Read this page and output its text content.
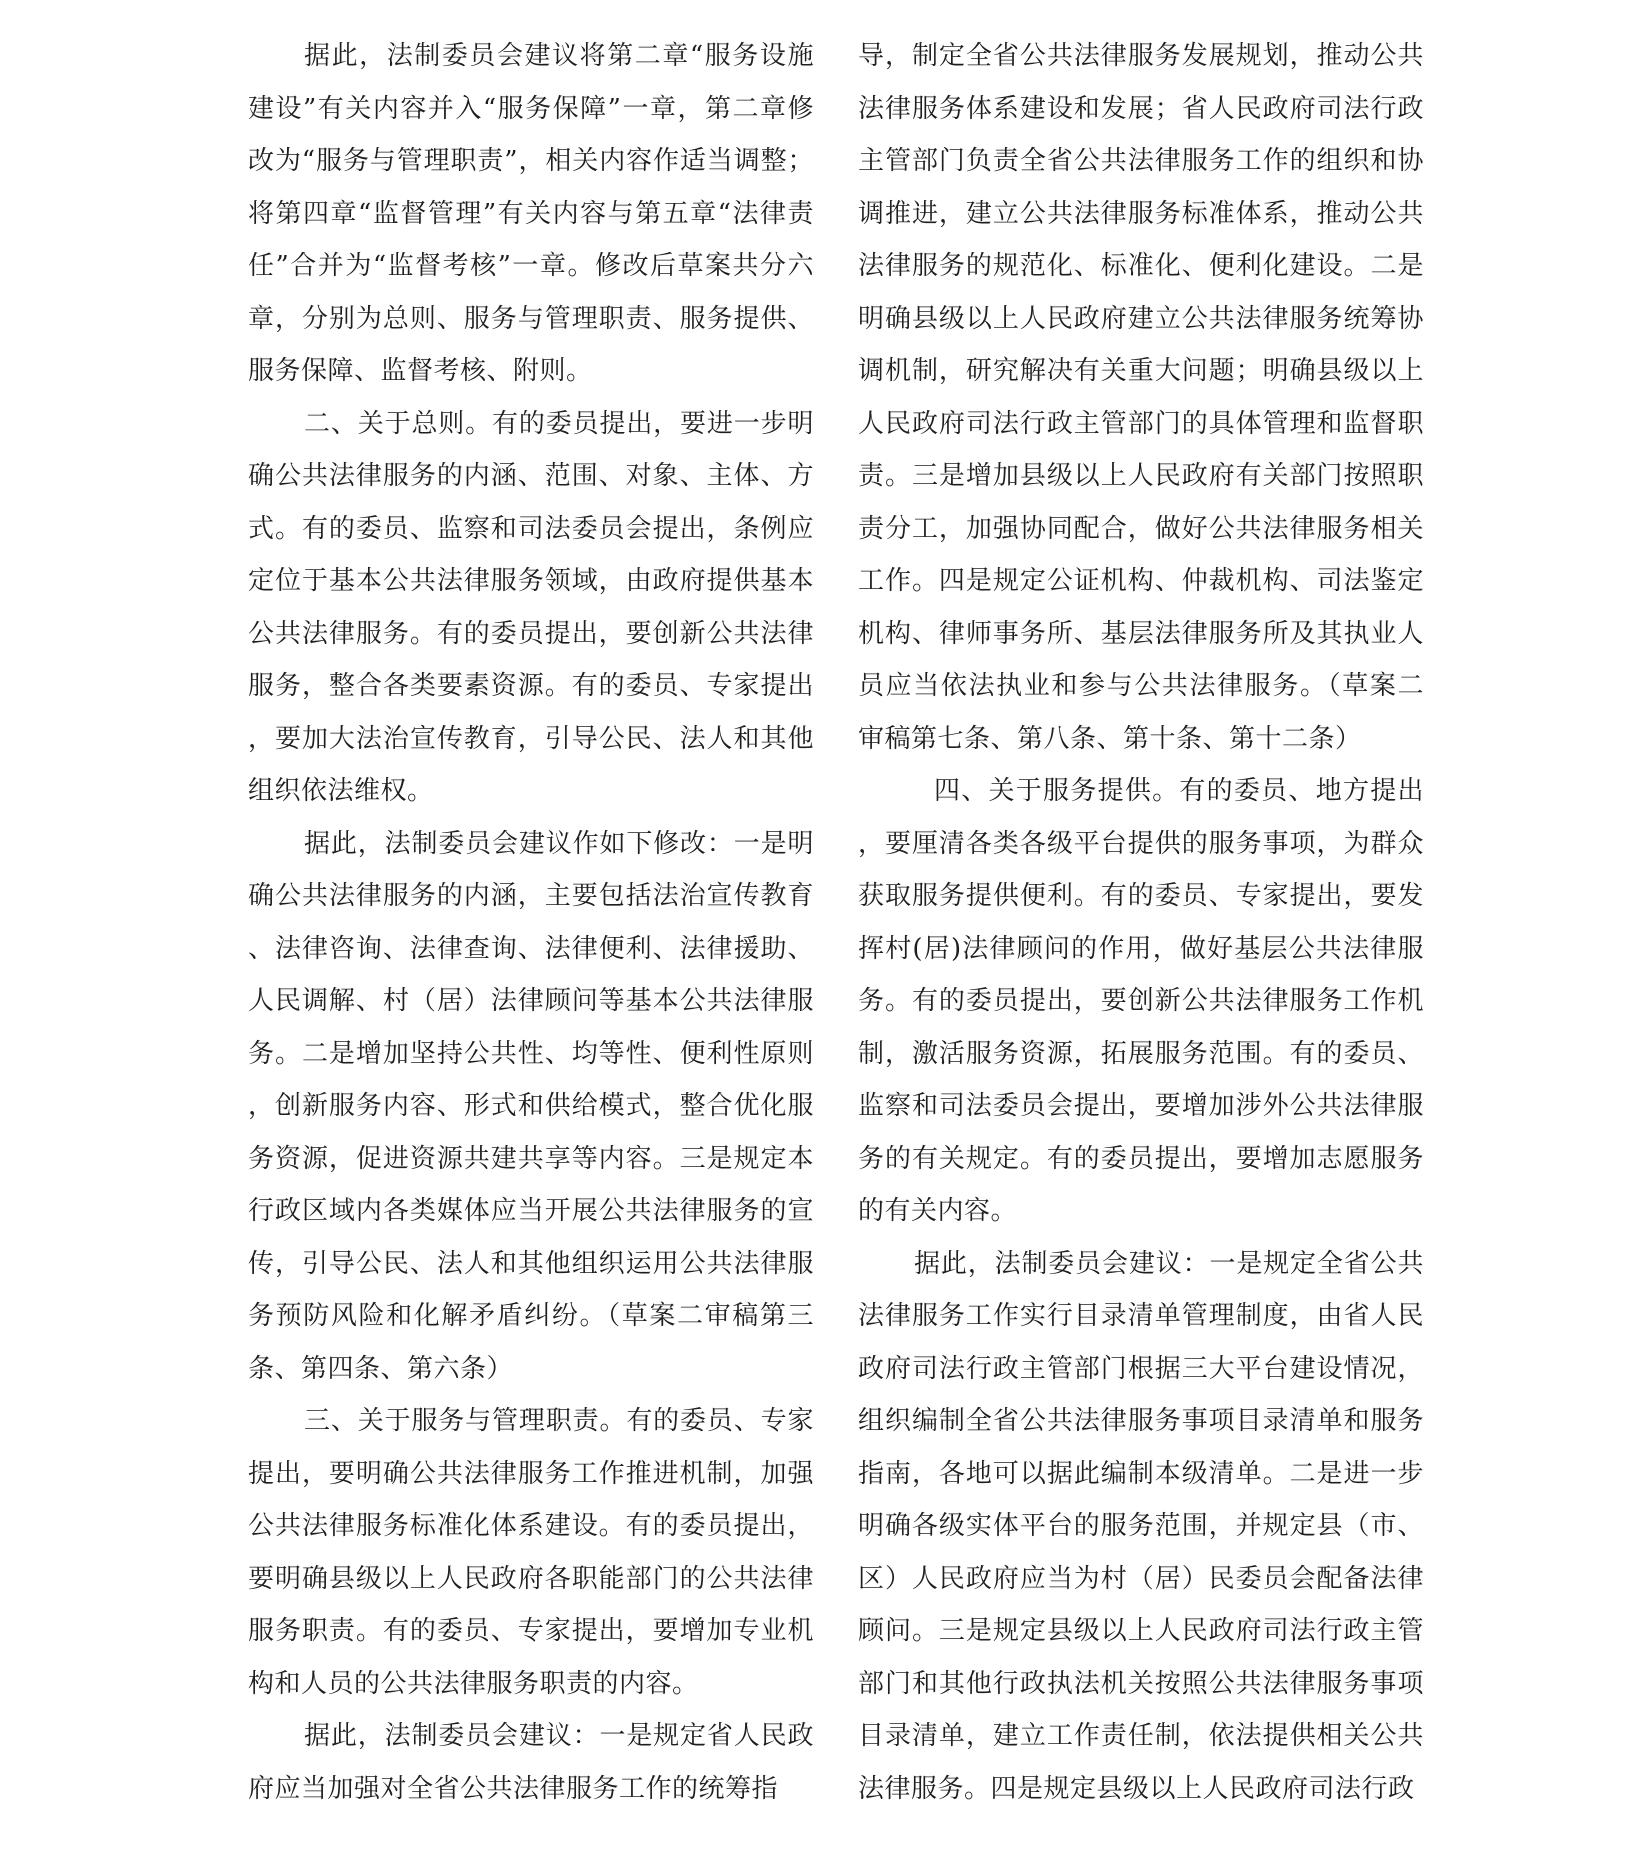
据此，法制委员会建议将第二章“服务设施建设”有关内容并入“服务保障”一章，第二章修改为“服务与管理职责”，相关内容作适当调整；将第四章“监督管理”有关内容与第五章“法律责任”合并为“监督考核”一章。修改后草案共分六章，分别为总则、服务与管理职责、服务提供、服务保障、监督考核、附则。

二、关于总则。有的委员提出，要进一步明确公共法律服务的内涵、范围、对象、主体、方式。有的委员、监察和司法委员会提出，条例应定位于基本公共法律服务领域，由政府提供基本公共法律服务。有的委员提出，要创新公共法律服务，整合各类要素资源。有的委员、专家提出，要加大法治宣传教育，引导公民、法人和其他组织依法维权。

据此，法制委员会建议作如下修改：一是明确公共法律服务的内涵，主要包括法治宣传教育、法律咨询、法律查询、法律便利、法律援助、人民调解、村（居）法律顾问等基本公共法律服务。二是增加坚持公共性、均等性、便利性原则，创新服务内容、形式和供给模式，整合优化服务资源，促进资源共建共享等内容。三是规定本行政区域内各类媒体应当开展公共法律服务的宣传，引导公民、法人和其他组织运用公共法律服务预防风险和化解矛盾纠纷。（草案二审稿第三条、第四条、第六条）

三、关于服务与管理职责。有的委员、专家提出，要明确公共法律服务工作推进机制，加强公共法律服务标准化体系建设。有的委员提出，要明确县级以上人民政府各职能部门的公共法律服务职责。有的委员、专家提出，要增加专业机构和人员的公共法律服务职责的内容。

据此，法制委员会建议：一是规定省人民政府应当加强对全省公共法律服务工作的统筹指

导，制定全省公共法律服务发展规划，推动公共法律服务体系建设和发展；省人民政府司法行政主管部门负责全省公共法律服务工作的组织和协调推进，建立公共法律服务标准体系，推动公共法律服务的规范化、标准化、便利化建设。二是明确县级以上人民政府建立公共法律服务统筹协调机制，研究解决有关重大问题；明确县级以上人民政府司法行政主管部门的具体管理和监督职责。三是增加县级以上人民政府有关部门按照职责分工，加强协同配合，做好公共法律服务相关工作。四是规定公证机构、仲裁机构、司法鉴定机构、律师事务所、基层法律服务所及其执业人员应当依法执业和参与公共法律服务。（草案二审稿第七条、第八条、第十条、第十二条）

四、关于服务提供。有的委员、地方提出，要厘清各类各级平台提供的服务事项，为群众获取服务提供便利。有的委员、专家提出，要发挥村(居)法律顾问的作用，做好基层公共法律服务。有的委员提出，要创新公共法律服务工作机制，激活服务资源，拓展服务范围。有的委员、监察和司法委员会提出，要增加涉外公共法律服务的有关规定。有的委员提出，要增加志愿服务的有关内容。

据此，法制委员会建议：一是规定全省公共法律服务工作实行目录清单管理制度，由省人民政府司法行政主管部门根据三大平台建设情况，组织编制全省公共法律服务事项目录清单和服务指南，各地可以据此编制本级清单。二是进一步明确各级实体平台的服务范围，并规定县（市、区）人民政府应当为村（居）民委员会配备法律顾问。三是规定县级以上人民政府司法行政主管部门和其他行政执法机关按照公共法律服务事项目录清单，建立工作责任制，依法提供相关公共法律服务。四是规定县级以上人民政府司法行政
